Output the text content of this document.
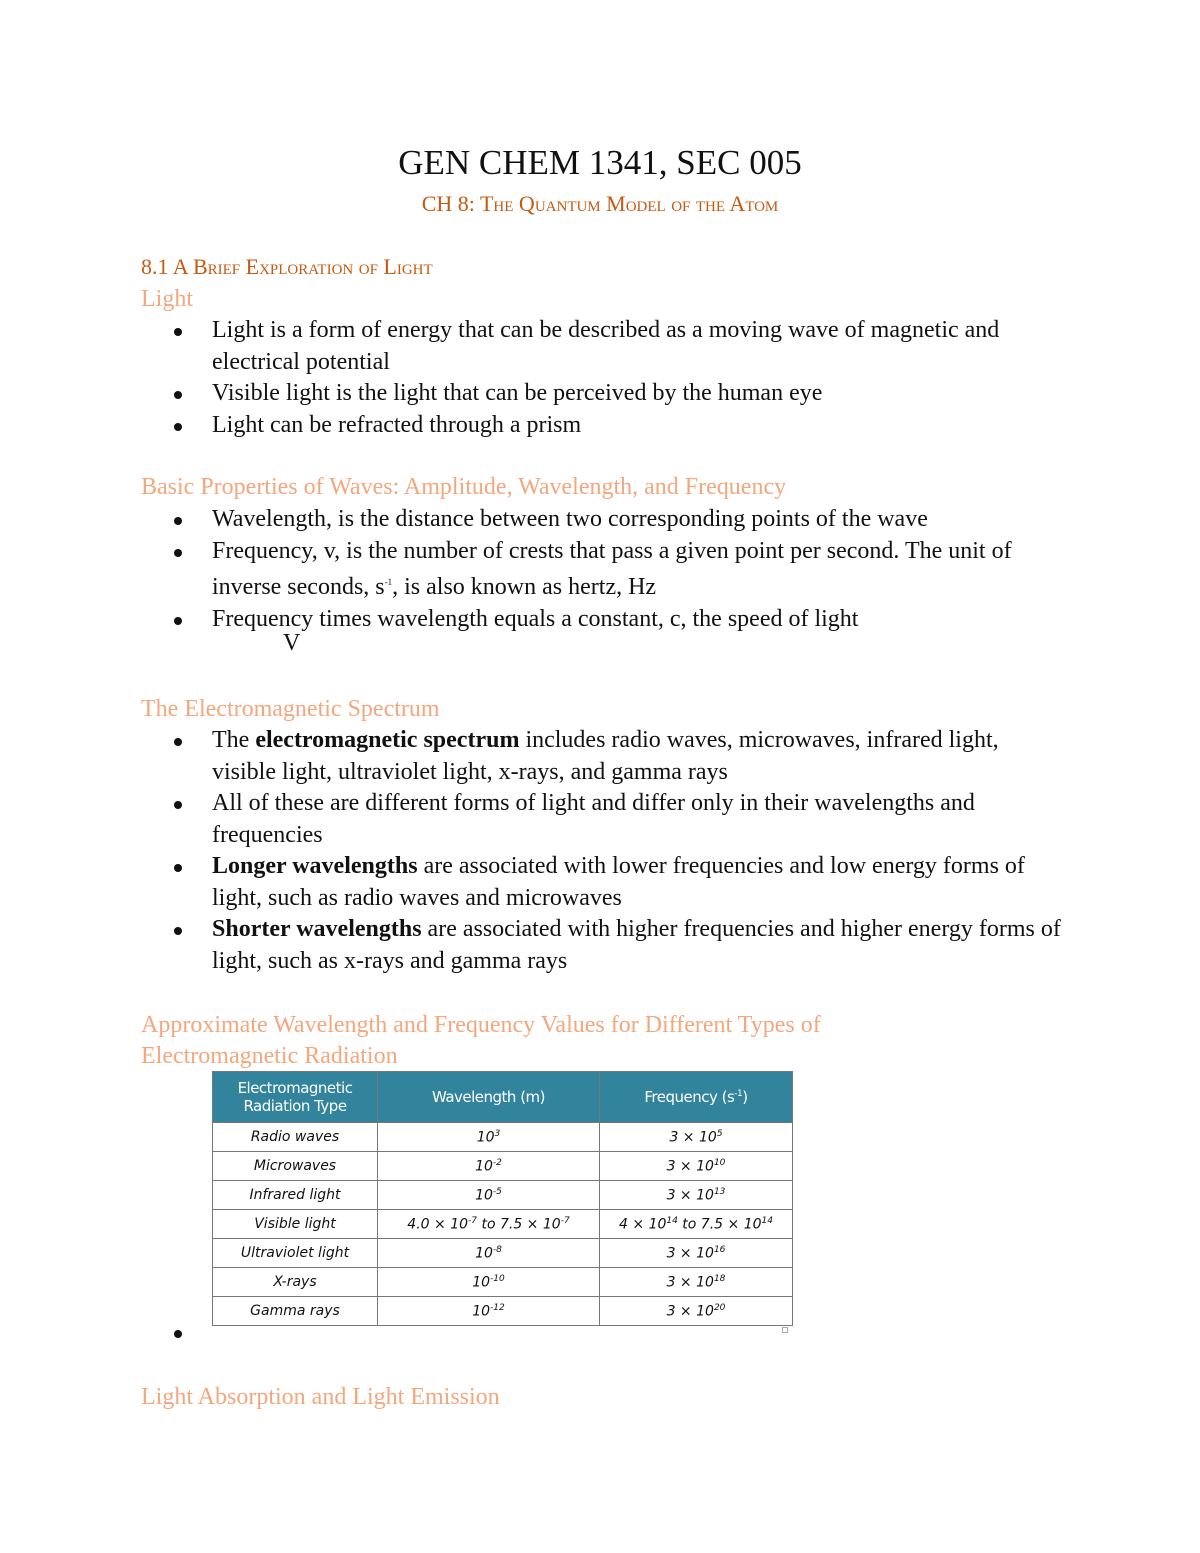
GEN CHEM 1341, SEC 005
CH 8: The Quantum Model of the Atom
8.1 A Brief Exploration of Light
Light
Light is a form of energy that can be described as a moving wave of magnetic and electrical potential
Visible light is the light that can be perceived by the human eye
Light can be refracted through a prism
Basic Properties of Waves: Amplitude, Wavelength, and Frequency
Wavelength, is the distance between two corresponding points of the wave
Frequency, v, is the number of crests that pass a given point per second. The unit of inverse seconds, $s^{-1}$, is also known as hertz, Hz
Frequency times wavelength equals a constant, c, the speed of light
V
The Electromagnetic Spectrum
The electromagnetic spectrum includes radio waves, microwaves, infrared light, visible light, ultraviolet light, x-rays, and gamma rays
All of these are different forms of light and differ only in their wavelengths and frequencies
Longer wavelengths are associated with lower frequencies and low energy forms of light, such as radio waves and microwaves
Shorter wavelengths are associated with higher frequencies and higher energy forms of light, such as x-rays and gamma rays
Approximate Wavelength and Frequency Values for Different Types of Electromagnetic Radiation
Electromagnetic Radiation Type	Wavelength (m)	Frequency $(s^{-1})$
Radio waves	$10^3$	$3 \times 10^5$
Microwaves	$10^{-2}$	$3 \times 10^{10}$
Infrared light	$10^{-5}$	$3 \times 10^{13}$
Visible light	$4.0 \times 10^{-7}$ to $7.5 \times 10^{-7}$	$4 \times 10^{14}$ to $7.5 \times 10^{14}$
Ultraviolet light	$10^{-8}$	$3 \times 10^{16}$
X-rays	$10^{-10}$	$3 \times 10^{18}$
Gamma rays	$10^{-12}$	$3 \times 10^{20}$
Light Absorption and Light Emission
